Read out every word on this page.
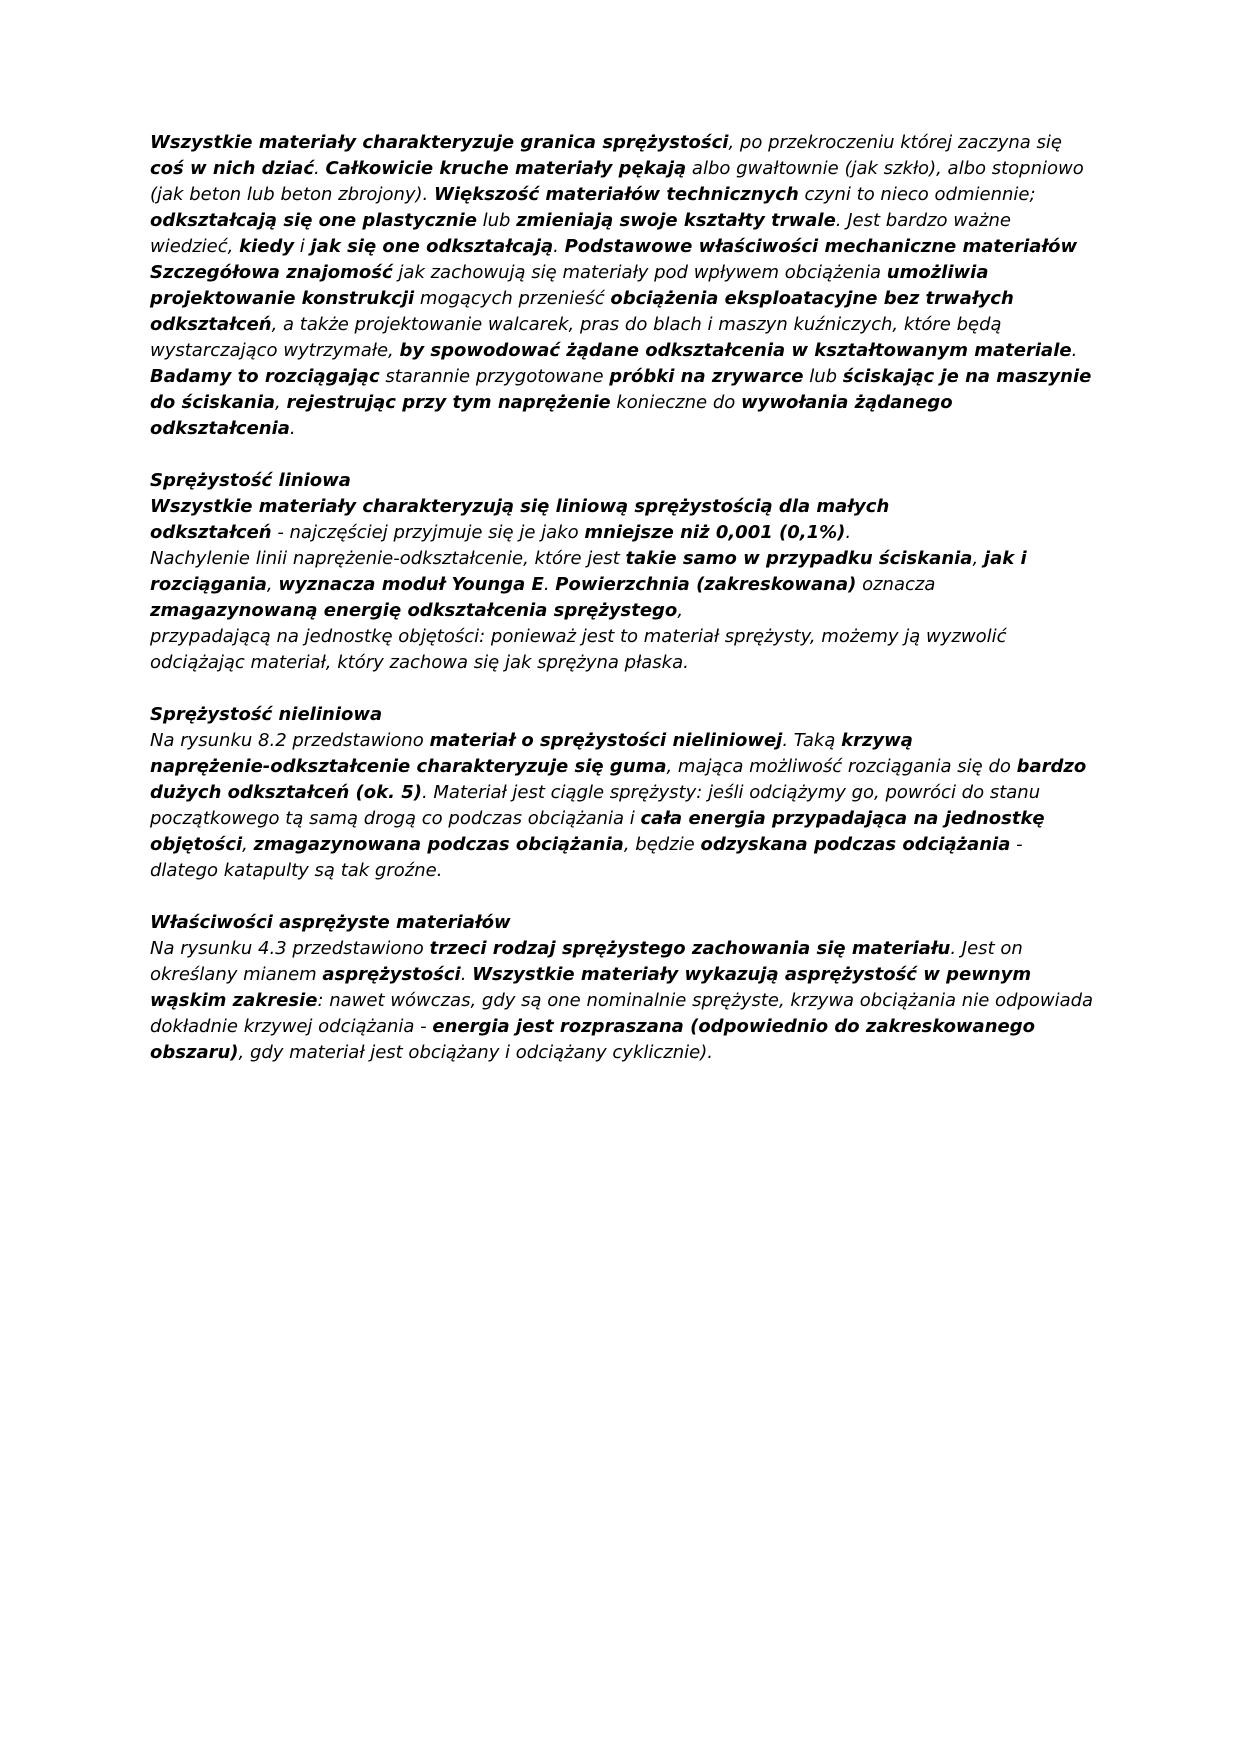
Wszystkie materiały charakteryzuje granica sprężystości, po przekroczeniu której zaczyna się coś w nich dziać. Całkowicie kruche materiały pękają albo gwałtownie (jak szkło), albo stopniowo (jak beton lub beton zbrojony). Większość materiałów technicznych czyni to nieco odmiennie; odkształcają się one plastycznie lub zmieniają swoje kształty trwale. Jest bardzo ważne wiedzieć, kiedy i jak się one odkształcają. Podstawowe właściwości mechaniczne materiałów Szczegółowa znajomość jak zachowują się materiały pod wpływem obciążenia umożliwia projektowanie konstrukcji mogących przenieść obciążenia eksploatacyjne bez trwałych odkształceń, a także projektowanie walcarek, pras do blach i maszyn kuźniczych, które będą wystarczająco wytrzymałe, by spowodować żądane odkształcenia w kształtowanym materiale. Badamy to rozciągając starannie przygotowane próbki na zrywarce lub ściskając je na maszynie do ściskania, rejestrując przy tym naprężenie konieczne do wywołania żądanego odkształcenia.

Sprężystość liniowa
Wszystkie materiały charakteryzują się liniową sprężystością dla małych
odkształceń - najczęściej przyjmuje się je jako mniejsze niż 0,001 (0,1%).
Nachylenie linii naprężenie-odkształcenie, które jest takie samo w przypadku ściskania, jak i rozciągania, wyznacza moduł Younga E. Powierzchnia (zakreskowana) oznacza zmagazynowaną energię odkształcenia sprężystego,
przypadającą na jednostkę objętości: ponieważ jest to materiał sprężysty, możemy ją wyzwolić odciążając materiał, który zachowa się jak sprężyna płaska.

Sprężystość nieliniowa
Na rysunku 8.2 przedstawiono materiał o sprężystości nieliniowej. Taką krzywą
naprężenie-odkształcenie charakteryzuje się guma, mająca możliwość rozciągania się do bardzo dużych odkształceń (ok. 5). Materiał jest ciągle sprężysty: jeśli odciążymy go, powróci do stanu początkowego tą samą drogą co podczas obciążania i cała energia przypadająca na jednostkę objętości, zmagazynowana podczas obciążania, będzie odzyskana podczas odciążania - dlatego katapulty są tak groźne.

Właściwości asprężyste materiałów
Na rysunku 4.3 przedstawiono trzeci rodzaj sprężystego zachowania się materiału. Jest on określany mianem asprężystości. Wszystkie materiały wykazują asprężystość w pewnym wąskim zakresie: nawet wówczas, gdy są one nominalnie sprężyste, krzywa obciążania nie odpowiada dokładnie krzywej odciążania - energia jest rozpraszana (odpowiednio do zakreskowanego obszaru), gdy materiał jest obciążany i odciążany cyklicznie).
